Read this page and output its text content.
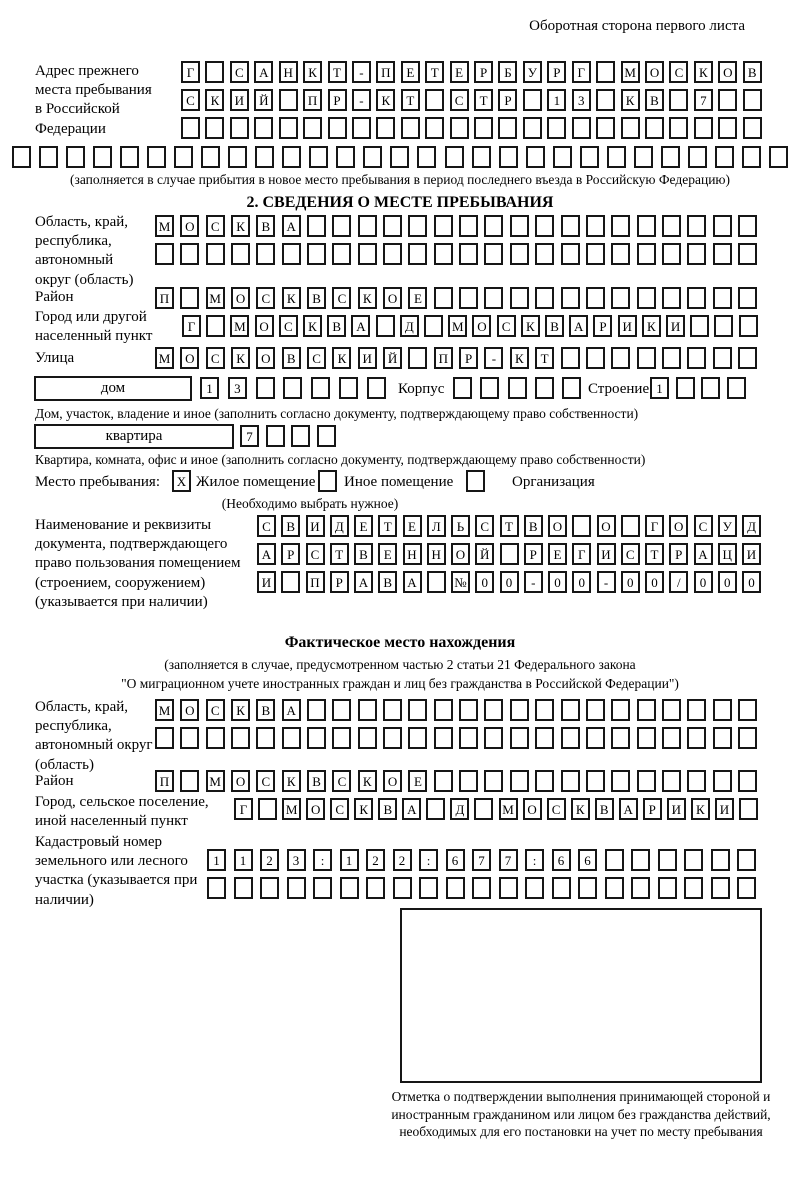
Оборотная сторона первого листа
Адрес прежнего места пребывания в Российской Федерации
Г	С	А	Н	К	Т	-	П	Е	Т	Е	Р	Б	У	Р	Г	М	О	С	К	О	В
С	К	И	Й	П	Р	-	К	Т	С	Т	Р	1	3	К	В	7
(заполняется в случае прибытия в новое место пребывания в период последнего въезда в Российскую Федерацию)
2. СВЕДЕНИЯ О МЕСТЕ ПРЕБЫВАНИЯ
Область, край, республика, автономный округ (область)
М	О	С	К	В	А
Район	П	М	О	С	К	В	С	К	О	Е
Город или другой населенный пункт
Г	М	О	С	К	В	А	Д	М	О	С	К	В	А	Р	И	К	И
Улица	М	О	С	К	О	В	С	К	И	Й	П	Р	-	К	Т
дом	1	3	Корпус	Строение 1
Дом, участок, владение и иное (заполнить согласно документу, подтверждающему право собственности)
квартира	7
Квартира, комната, офис и иное (заполнить согласно документу, подтверждающему право собственности)
Место пребывания:	X Жилое помещение Иное помещение	Организация
(Необходимо выбрать нужное)
Наименование и реквизиты документа, подтверждающего право пользования помещением (строением, сооружением) (указывается при наличии)
С	В	И	Д	Е	Т	Е	Л	Ь	С	Т	В	О	О	Г	О	С	У	Д
А	Р	С	Т	В	Е	Н	Н	О	Й	Р	Е	Г	И	С	Т	Р	А	Ц	И
И	П	Р	А	В	А	№	0	0	-	0	0	-	0	0	/	0	0	0
Фактическое место нахождения
(заполняется в случае, предусмотренном частью 2 статьи 21 Федерального закона
"О миграционном учете иностранных граждан и лиц без гражданства в Российской Федерации")
Область, край, республика, автономный округ (область)
М	О	С	К	В	А
Район	П	М	О	С	К	В	С	К	О	Е
Город, сельское поселение, иной населенный пункт
Г	М	О	С	К	В	А	Д	М	О	С	К	В	А	Р	И	К	И
Кадастровый номер земельного или лесного участка (указывается при наличии)
1	1	2	3	:	1	2	2	:	6	7	7	:	6	6
Отметка о подтверждении выполнения принимающей стороной и иностранным гражданином или лицом без гражданства действий, необходимых для его постановки на учет по месту пребывания
